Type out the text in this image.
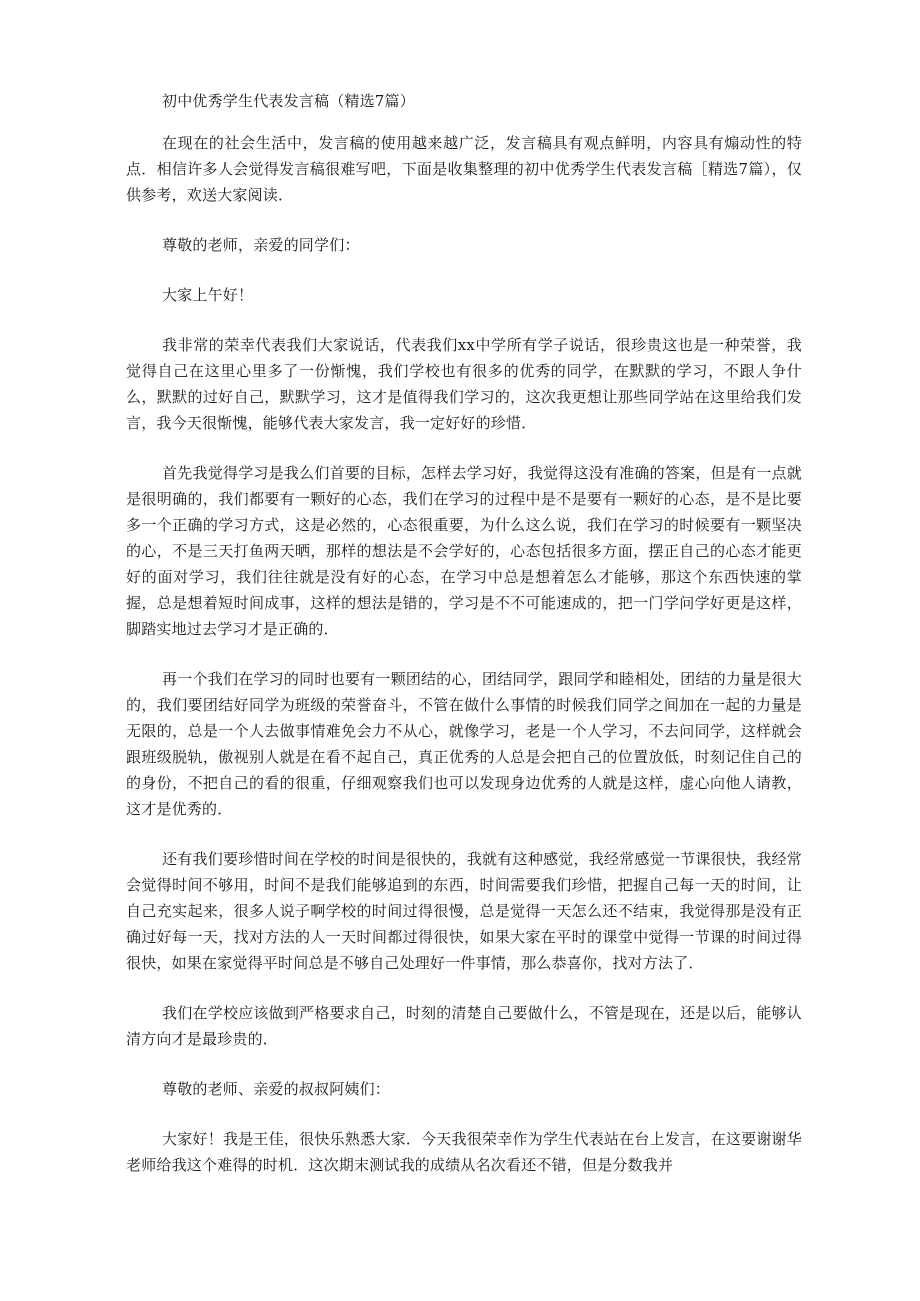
初中优秀学生代表发言稿（精选7篇）

在现在的社会生活中，发言稿的使用越来越广泛，发言稿具有观点鲜明，内容具有煽动性的特点．相信许多人会觉得发言稿很难写吧，下面是收集整理的初中优秀学生代表发言稿［精选7篇），仅供参考，欢送大家阅读．

尊敬的老师，亲爱的同学们：

大家上午好！

我非常的荣幸代表我们大家说话，代表我们xx中学所有学子说话，很珍贵这也是一种荣誉，我觉得自己在这里心里多了一份惭愧，我们学校也有很多的优秀的同学，在默默的学习，不跟人争什么，默默的过好自己，默默学习，这才是值得我们学习的，这次我更想让那些同学站在这里给我们发言，我今天很惭愧，能够代表大家发言，我一定好好的珍惜．

首先我觉得学习是我么们首要的目标，怎样去学习好，我觉得这没有准确的答案，但是有一点就是很明确的，我们都要有一颗好的心态，我们在学习的过程中是不是要有一颗好的心态，是不是比要多一个正确的学习方式，这是必然的，心态很重要，为什么这么说，我们在学习的时候要有一颗坚决的心，不是三天打鱼两天晒，那样的想法是不会学好的，心态包括很多方面，摆正自己的心态才能更好的面对学习，我们往往就是没有好的心态，在学习中总是想着怎么才能够，那这个东西快速的掌握，总是想着短时间成事，这样的想法是错的，学习是不不可能速成的，把一门学问学好更是这样，脚踏实地过去学习才是正确的．

再一个我们在学习的同时也要有一颗团结的心，团结同学，跟同学和睦相处，团结的力量是很大的，我们要团结好同学为班级的荣誉奋斗，不管在做什么事情的时候我们同学之间加在一起的力量是无限的，总是一个人去做事情难免会力不从心，就像学习，老是一个人学习，不去问同学，这样就会跟班级脱轨，傲视别人就是在看不起自己，真正优秀的人总是会把自己的位置放低，时刻记住自己的的身份，不把自己的看的很重，仔细观察我们也可以发现身边优秀的人就是这样，虚心向他人请教，这才是优秀的．

还有我们要珍惜时间在学校的时间是很快的，我就有这种感觉，我经常感觉一节课很快，我经常会觉得时间不够用，时间不是我们能够追到的东西，时间需要我们珍惜，把握自己每一天的时间，让自己充实起来，很多人说子啊学校的时间过得很慢，总是觉得一天怎么还不结束，我觉得那是没有正确过好每一天，找对方法的人一天时间都过得很快，如果大家在平时的课堂中觉得一节课的时间过得很快，如果在家觉得平时间总是不够自己处理好一件事情，那么恭喜你，找对方法了．

我们在学校应该做到严格要求自己，时刻的清楚自己要做什么，不管是现在，还是以后，能够认清方向才是最珍贵的．

尊敬的老师、亲爱的叔叔阿姨们：

大家好！我是王佳，很快乐熟悉大家．今天我很荣幸作为学生代表站在台上发言，在这要谢谢华老师给我这个难得的时机．这次期末测试我的成绩从名次看还不错，但是分数我并
